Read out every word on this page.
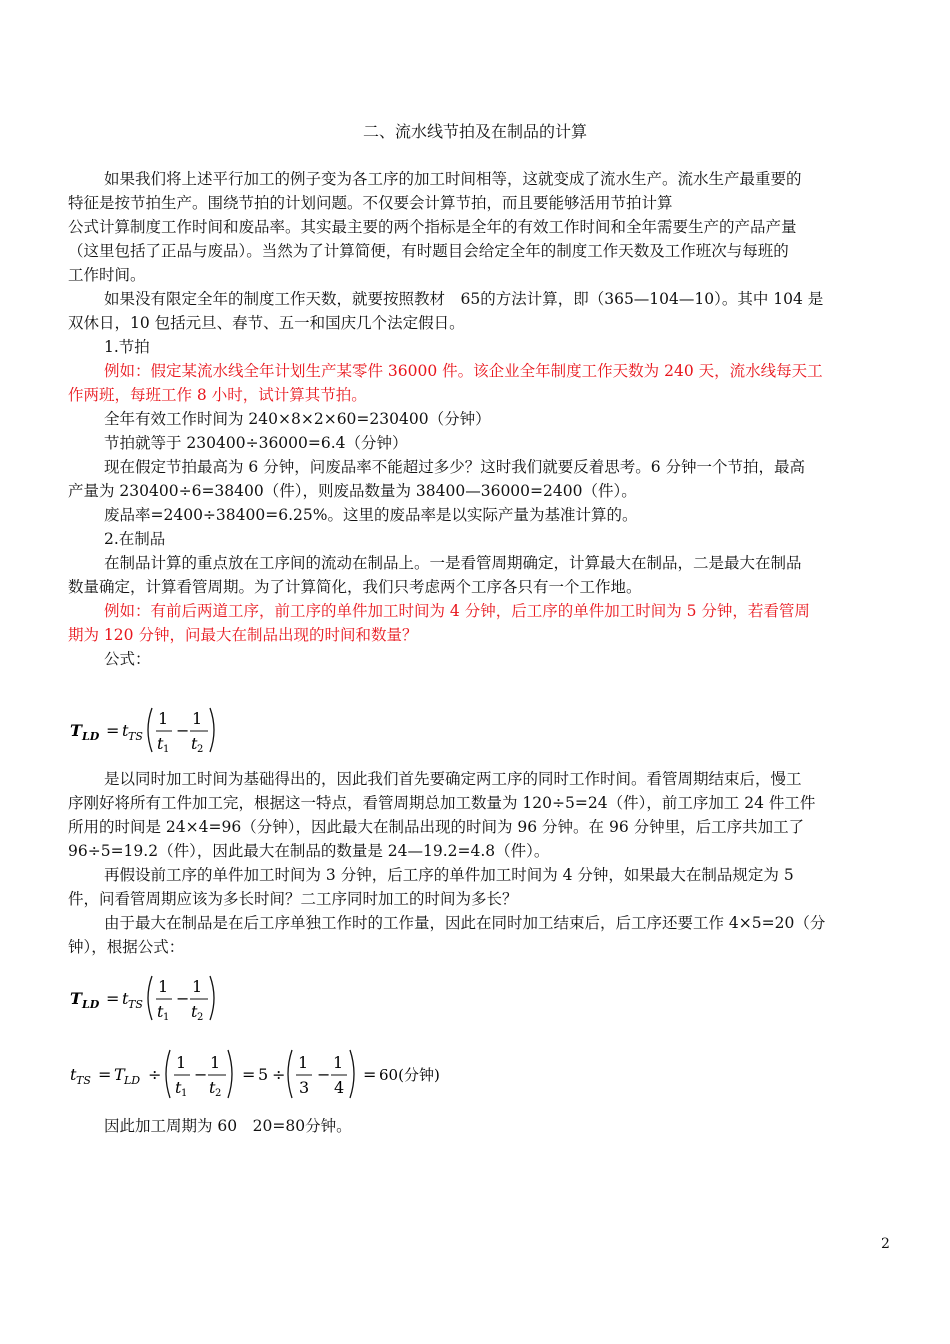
二、流水线节拍及在制品的计算
如果我们将上述平行加工的例子变为各工序的加工时间相等，这就变成了流水生产。流水生产最重要的
特征是按节拍生产。围绕节拍的计划问题。不仅要会计算节拍，而且要能够活用节拍计算
公式计算制度工作时间和废品率。其实最主要的两个指标是全年的有效工作时间和全年需要生产的产品产量
（这里包括了正品与废品）。当然为了计算简便，有时题目会给定全年的制度工作天数及工作班次与每班的
工作时间。
如果没有限定全年的制度工作天数，就要按照教材　65的方法计算，即（365—104—10）。其中 104 是
双休日，10 包括元旦、春节、五一和国庆几个法定假日。
1.节拍
例如：假定某流水线全年计划生产某零件 36000 件。该企业全年制度工作天数为 240 天，流水线每天工
作两班，每班工作 8 小时，试计算其节拍。
全年有效工作时间为 240×8×2×60=230400（分钟）
节拍就等于 230400÷36000=6.4（分钟）
现在假定节拍最高为 6 分钟，问废品率不能超过多少？这时我们就要反着思考。6 分钟一个节拍，最高
产量为 230400÷6=38400（件），则废品数量为 38400—36000=2400（件）。
废品率=2400÷38400=6.25%。这里的废品率是以实际产量为基准计算的。
2.在制品
在制品计算的重点放在工序间的流动在制品上。一是看管周期确定，计算最大在制品，二是最大在制品
数量确定，计算看管周期。为了计算简化，我们只考虑两个工序各只有一个工作地。
例如：有前后两道工序，前工序的单件加工时间为 4 分钟，后工序的单件加工时间为 5 分钟，若看管周
期为 120 分钟，问最大在制品出现的时间和数量？
公式：
T LD = t TS
1
t 1
−
1
t 2
是以同时加工时间为基础得出的，因此我们首先要确定两工序的同时工作时间。看管周期结束后，慢工
序刚好将所有工件加工完，根据这一特点，看管周期总加工数量为 120÷5=24（件），前工序加工 24 件工件
所用的时间是 24×4=96（分钟），因此最大在制品出现的时间为 96 分钟。在 96 分钟里，后工序共加工了
96÷5=19.2（件），因此最大在制品的数量是 24—19.2=4.8（件）。
再假设前工序的单件加工时间为 3 分钟，后工序的单件加工时间为 4 分钟，如果最大在制品规定为 5
件，问看管周期应该为多长时间？二工序同时加工的时间为多长？
由于最大在制品是在后工序单独工作时的工作量，因此在同时加工结束后，后工序还要工作 4×5=20（分
钟），根据公式：
T LD = t TS
1
t 1
−
1
t 2
t TS = T LD ÷
1
t 1
−
1
t 2
= 5 ÷
1
3
−
1
4
= 60(分钟)
因此加工周期为 60　20=80分钟。
2
